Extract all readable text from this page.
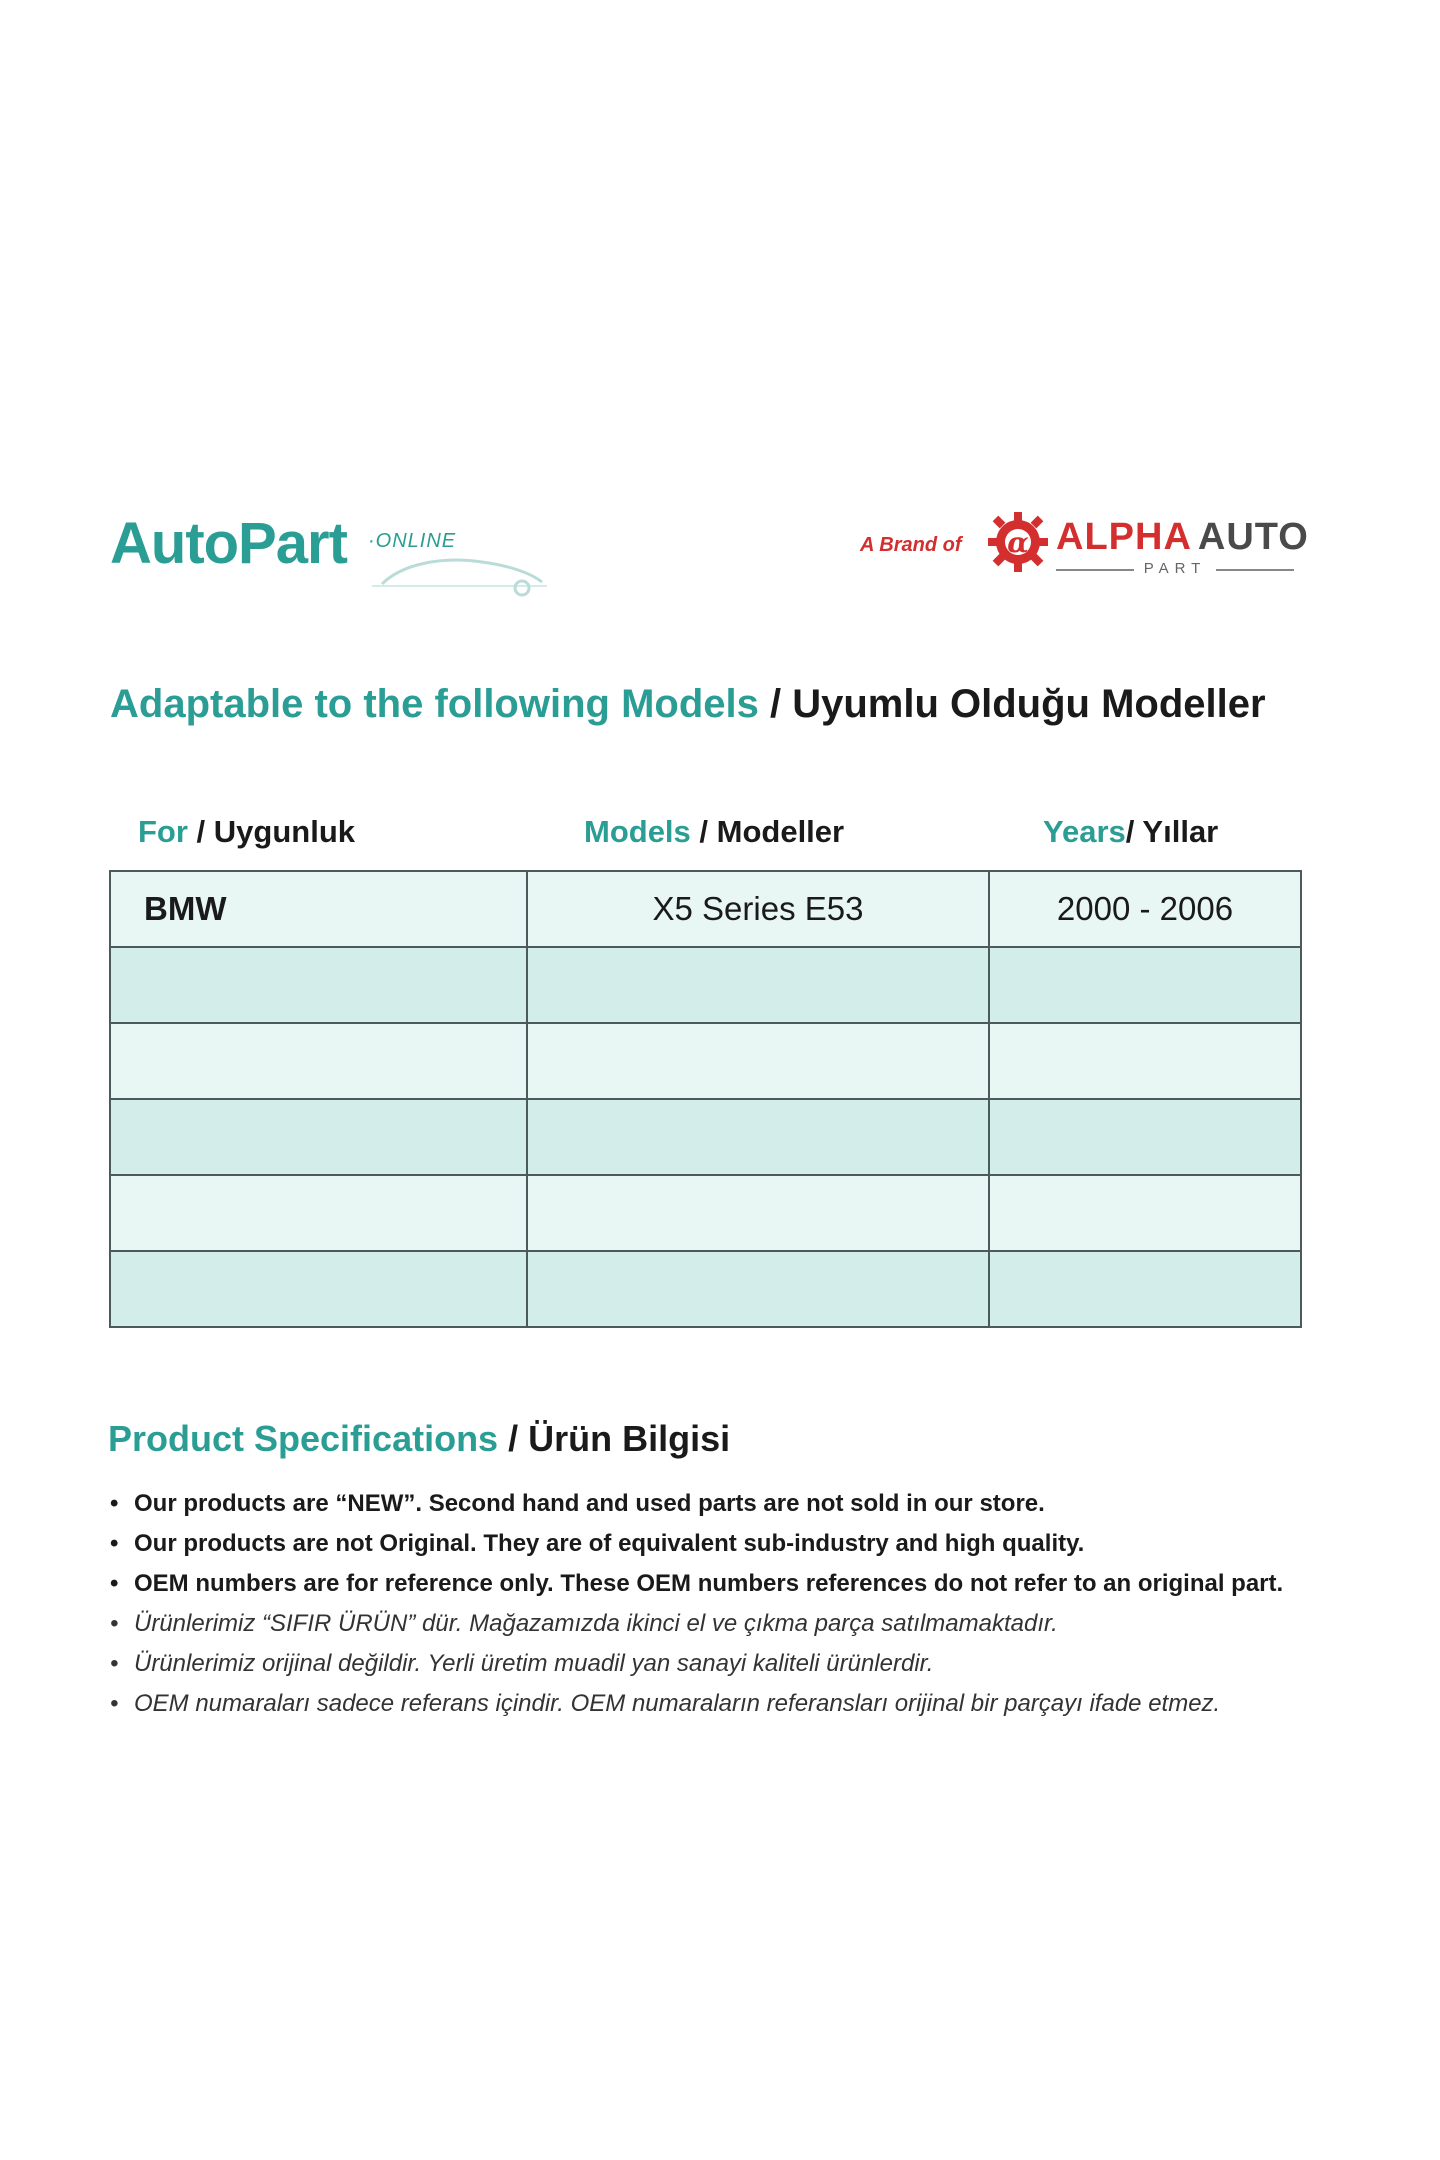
AutoPart ·ONLINE	A Brand of α ALPHA AUTO
PART
Adaptable to the following Models / Uyumlu Olduğu Modeller
For / Uygunluk	Models / Modeller	Years/ Yıllar
BMW	X5 Series E53	2000 - 2006

Product Specifications / Ürün Bilgisi
• Our products are “NEW”. Second hand and used parts are not sold in our store.
• Our products are not Original. They are of equivalent sub-industry and high quality.
• OEM numbers are for reference only. These OEM numbers references do not refer to an original part.
• Ürünlerimiz “SIFIR ÜRÜN” dür. Mağazamızda ikinci el ve çıkma parça satılmamaktadır.
• Ürünlerimiz orijinal değildir. Yerli üretim muadil yan sanayi kaliteli ürünlerdir.
• OEM numaraları sadece referans içindir. OEM numaraların referansları orijinal bir parçayı ifade etmez.
